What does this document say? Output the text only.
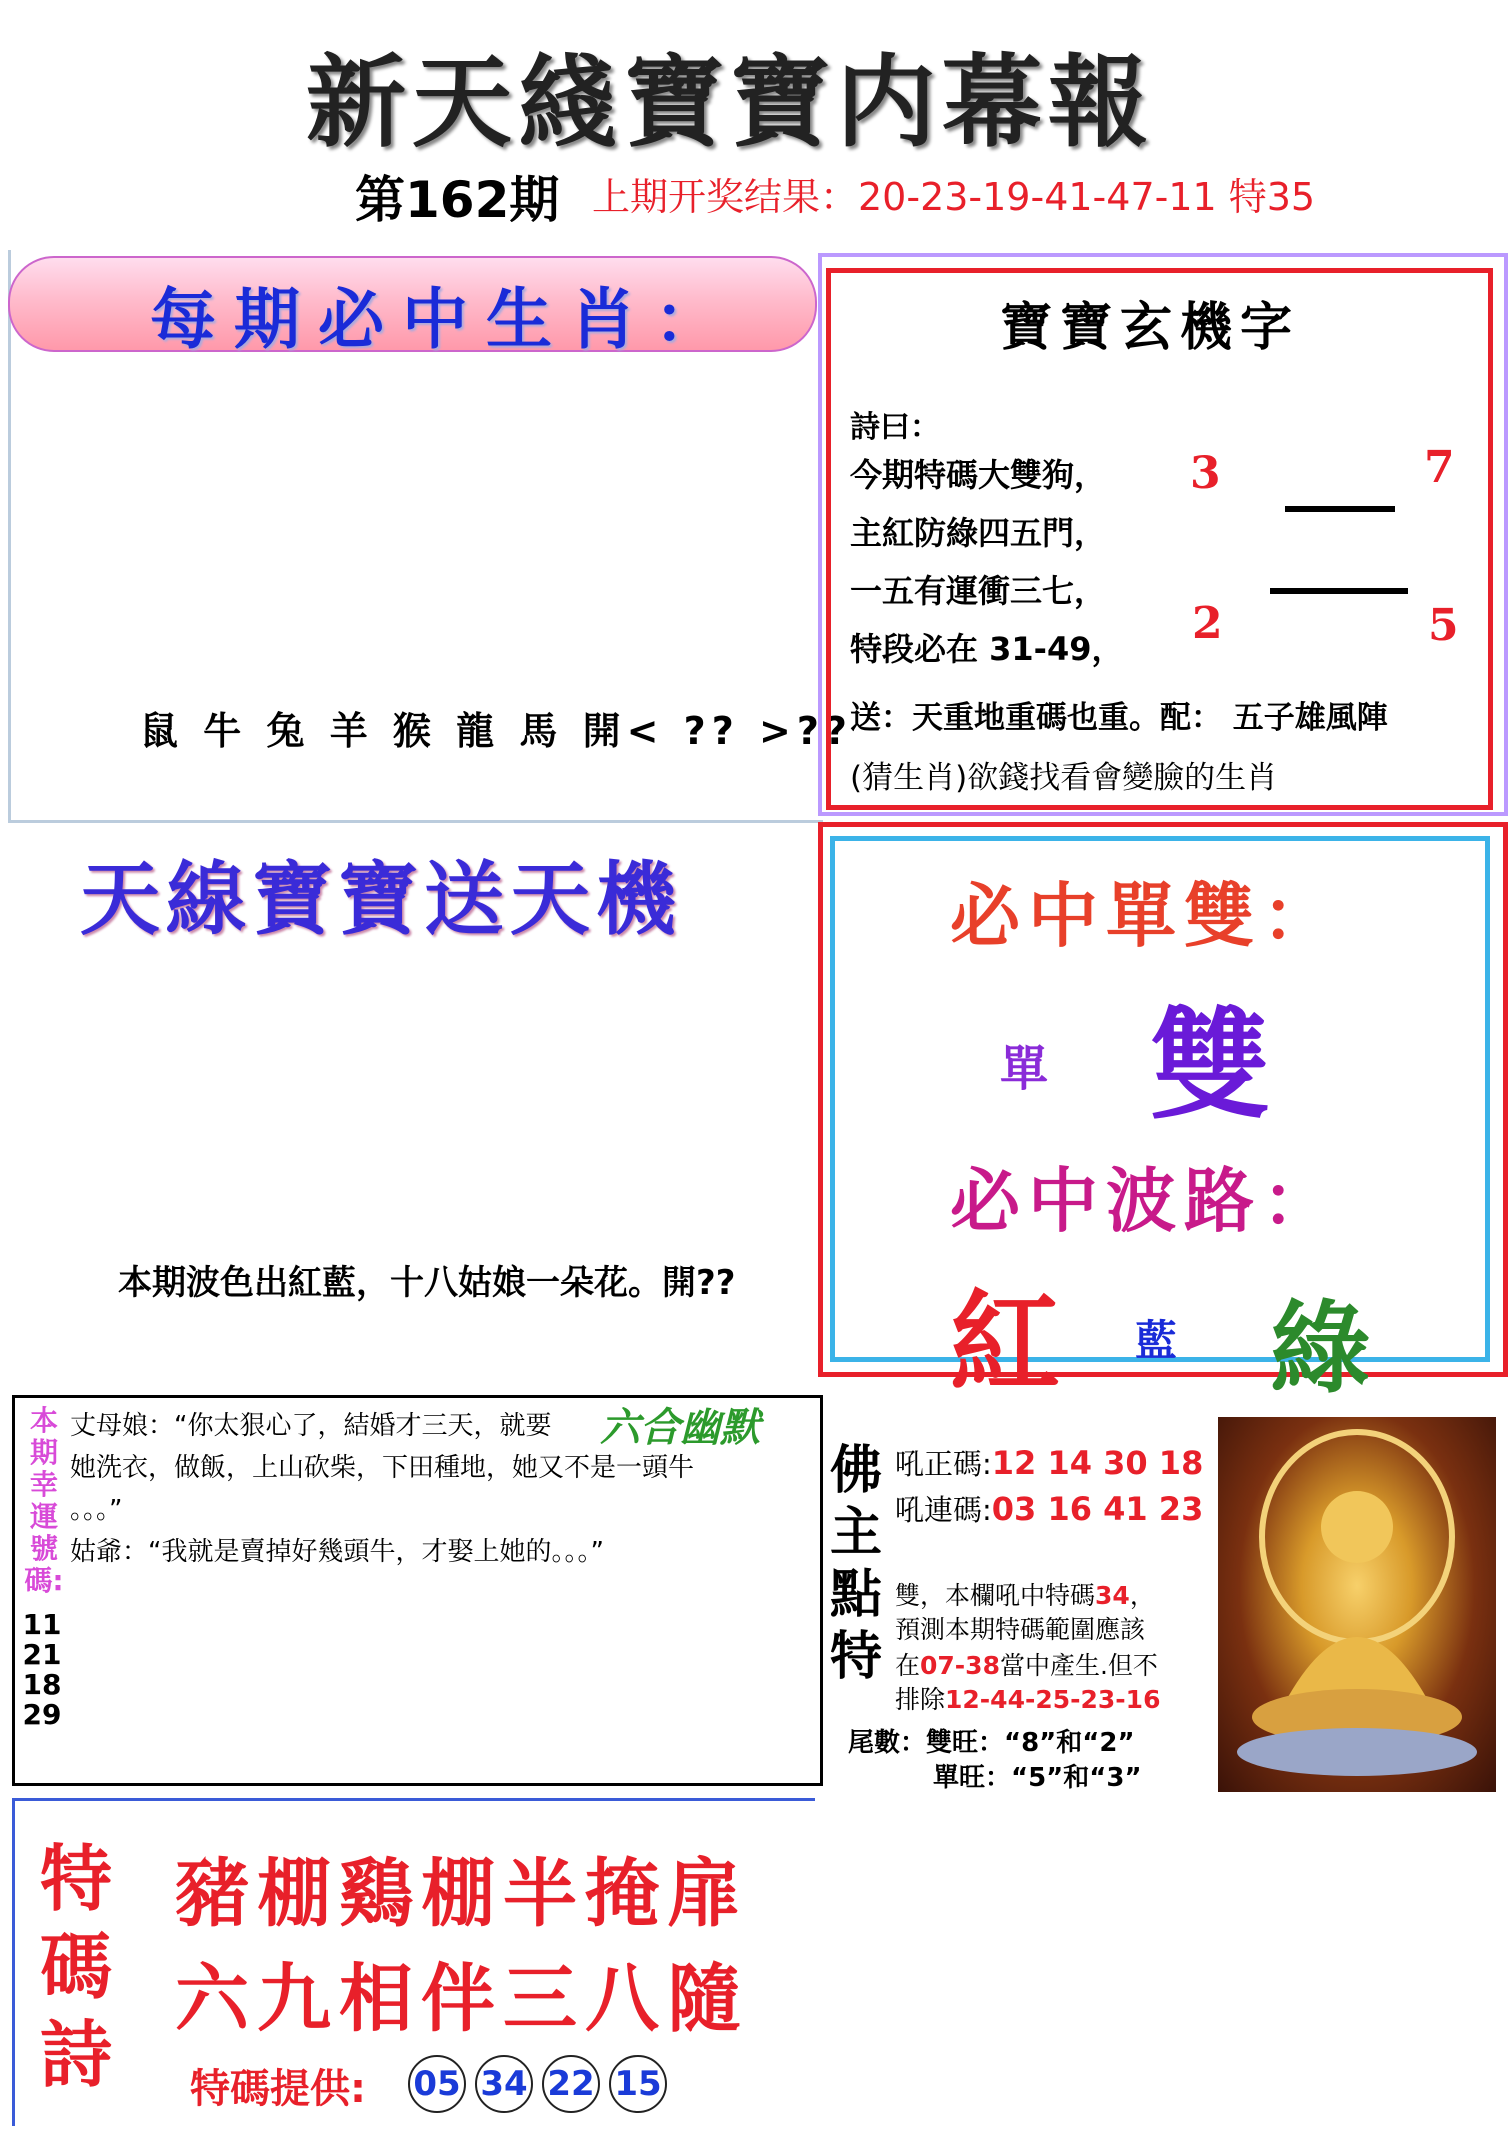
新天綫寶寶内幕報
第162期 上期开奖结果：20-23-19-41-47-11 特35
每期必中生肖：
鼠 牛 兔 羊 猴 龍 馬 開< ?? >??
寶寶玄機字
詩曰：
今期特碼大雙狗，
主紅防綠四五門，
一五有運衝三七，
特段必在 31-49，
3	7
2	5
送：天重地重碼也重。配： 五子雄風陣
(猜生肖)欲錢找看會變臉的生肖
天線寶寶送天機
本期波色出紅藍，十八姑娘一朵花。開??
必中單雙：
單 雙
必中波路：
紅 藍 綠
本期幸運號碼:
11 21 18 29
六合幽默
丈母娘：“你太狠心了，結婚才三天，就要
她洗衣，做飯，上山砍柴，下田種地，她又不是一頭牛
。。。”
姑爺：“我就是賣掉好幾頭牛，才娶上她的。。。”
佛主點特
吼正碼:12 14 30 18
吼連碼:03 16 41 23
雙，本欄吼中特碼34，
預測本期特碼範圍應該
在07-38當中產生.但不
排除12-44-25-23-16
尾數：雙旺：“8”和“2”
單旺：“5”和“3”
特碼詩
豬棚鷄棚半掩扉
六九相伴三八隨
特碼提供: 05 34 22 15
